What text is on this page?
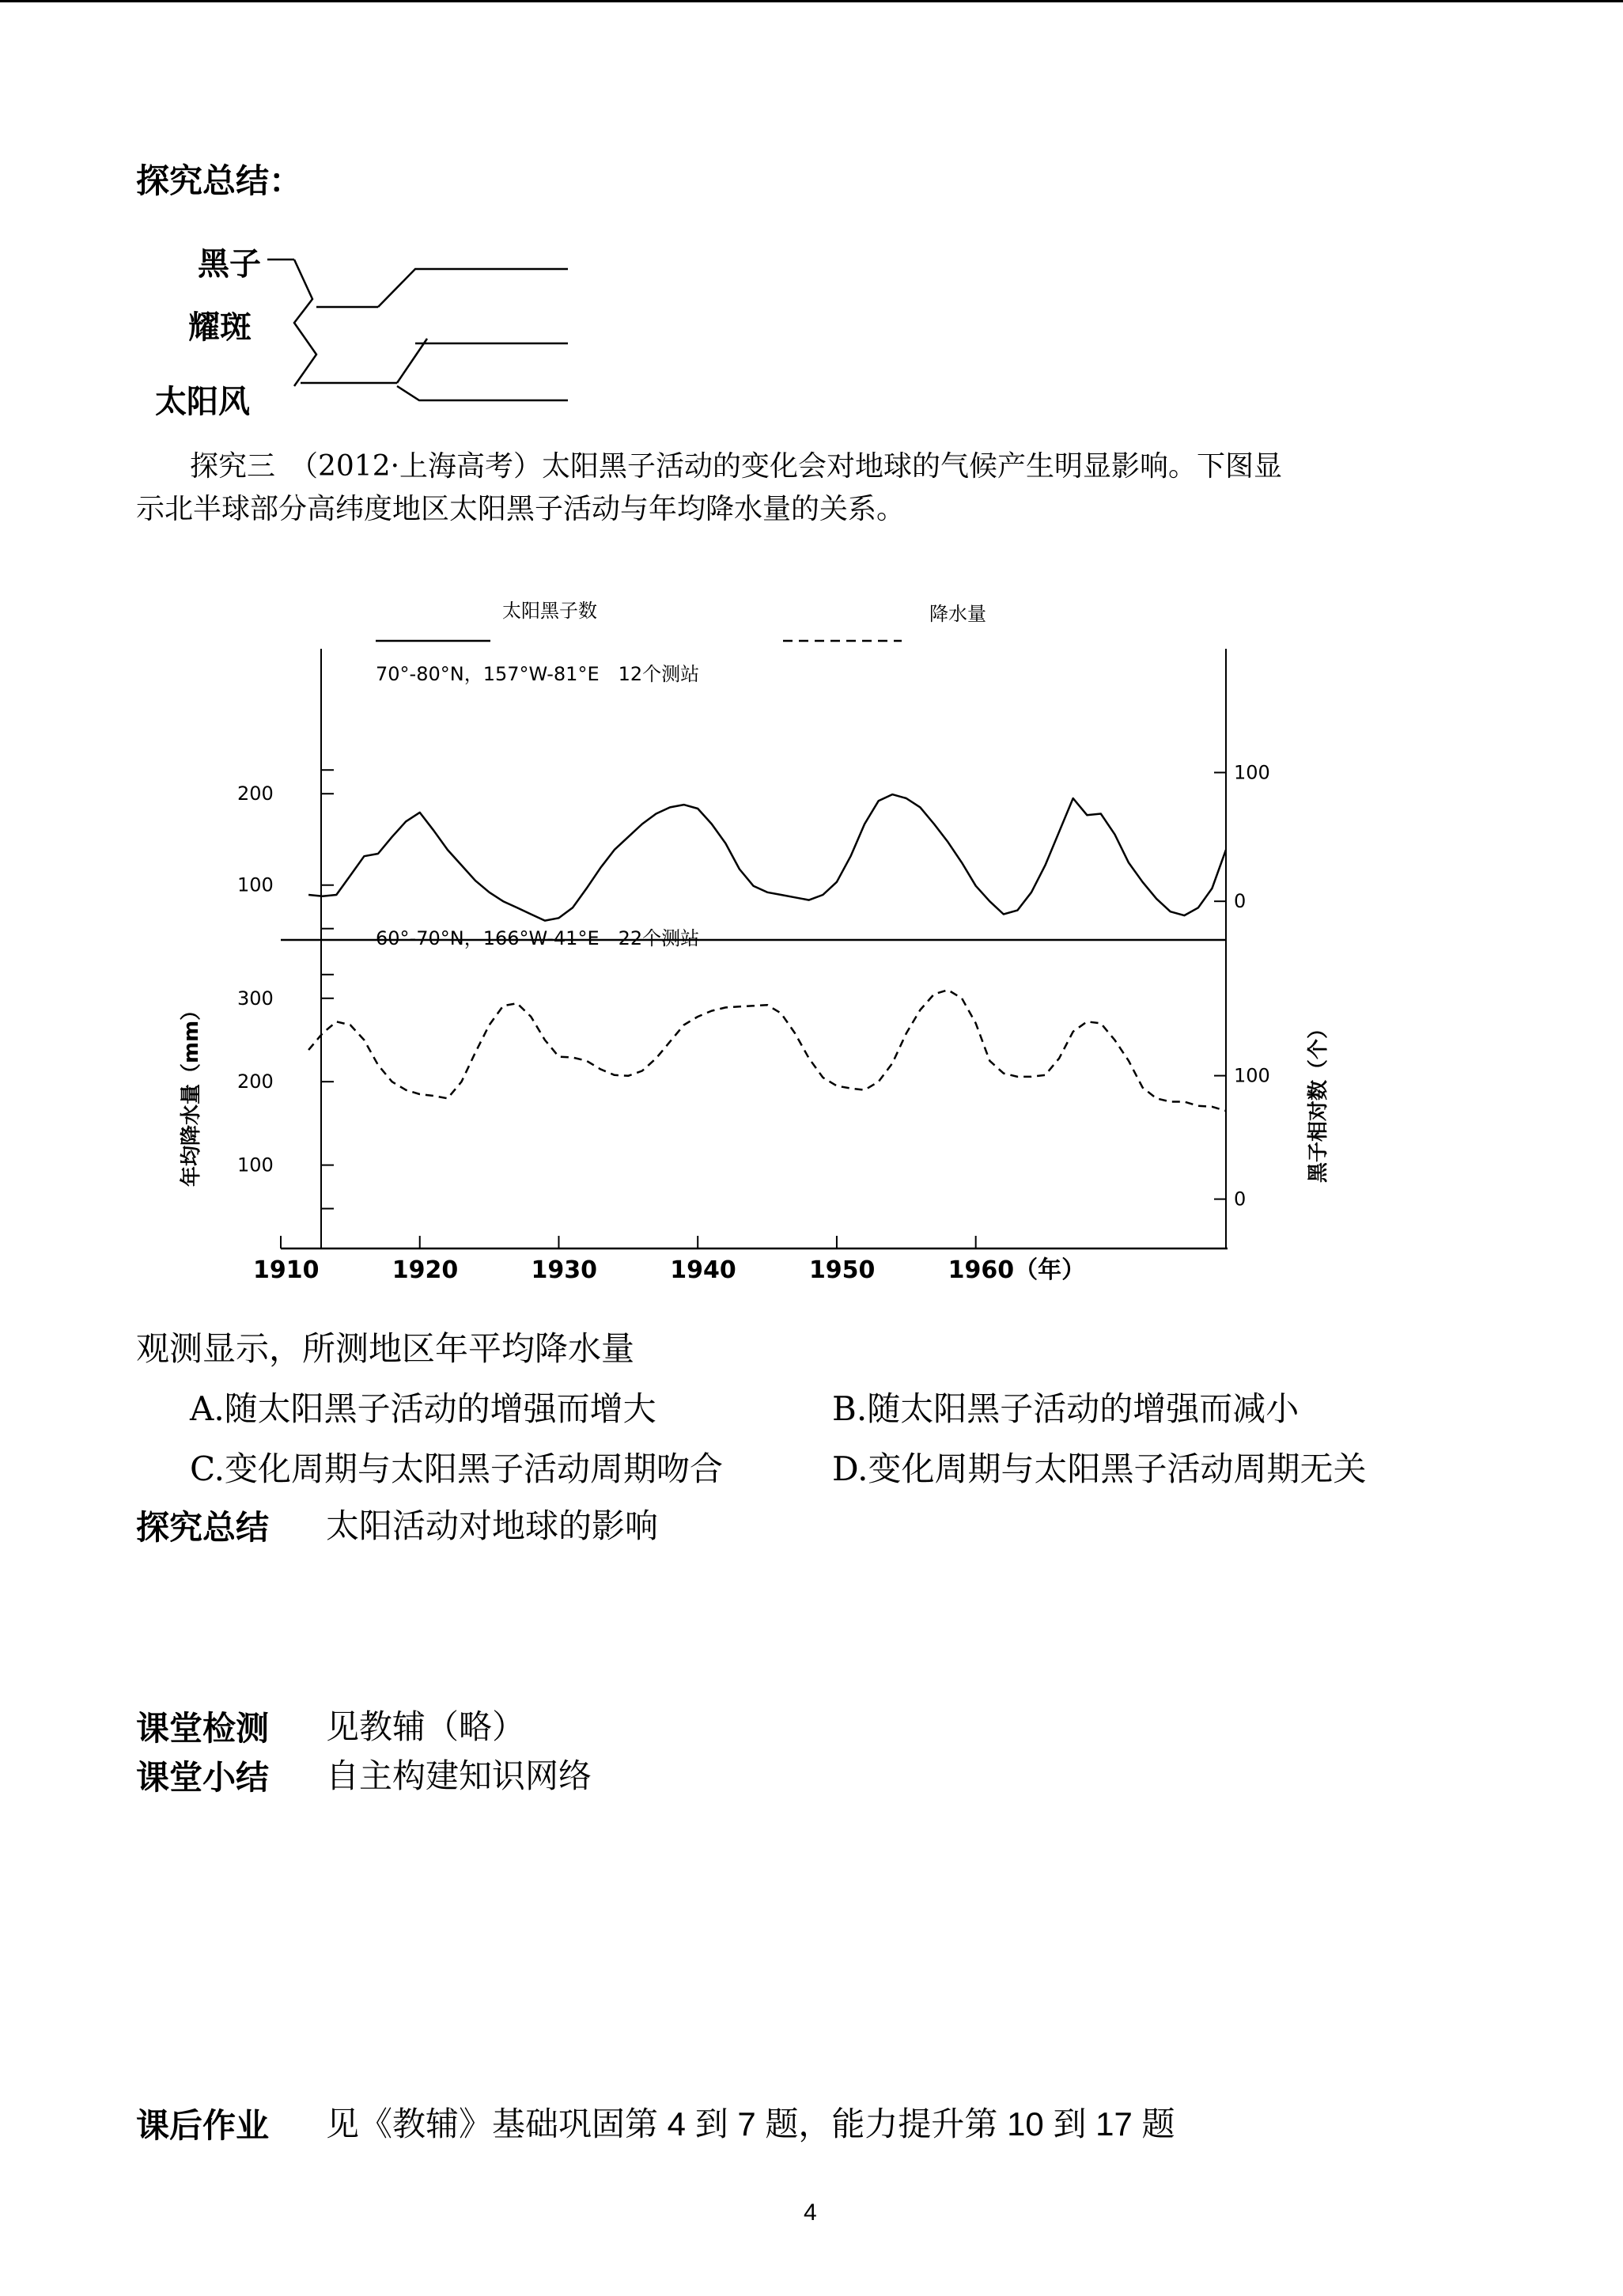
探究总结：
黑子
耀斑
太阳风
探究三　（2012·上海高考）太阳黑子活动的变化会对地球的气候产生明显影响。下图显
示北半球部分高纬度地区太阳黑子活动与年均降水量的关系。
太阳黑子数	降水量
70°-80°N，157°W-81°E　12个测站
60°-70°N，166°W-41°E　22个测站
年均降水量（mm）	黑子相对数（个）
100
200
0
100
100
200
300
0
100
1910	1920	1930	1940	1950	1960（年）
观测显示，所测地区年平均降水量
A.随太阳黑子活动的增强而增大	B.随太阳黑子活动的增强而减小
C.变化周期与太阳黑子活动周期吻合	D.变化周期与太阳黑子活动周期无关
探究总结 太阳活动对地球的影响
课堂检测 见教辅（略）
课堂小结 自主构建知识网络
课后作业 见《教辅》基础巩固第 4 到 7 题，能力提升第 10 到 17 题
4
